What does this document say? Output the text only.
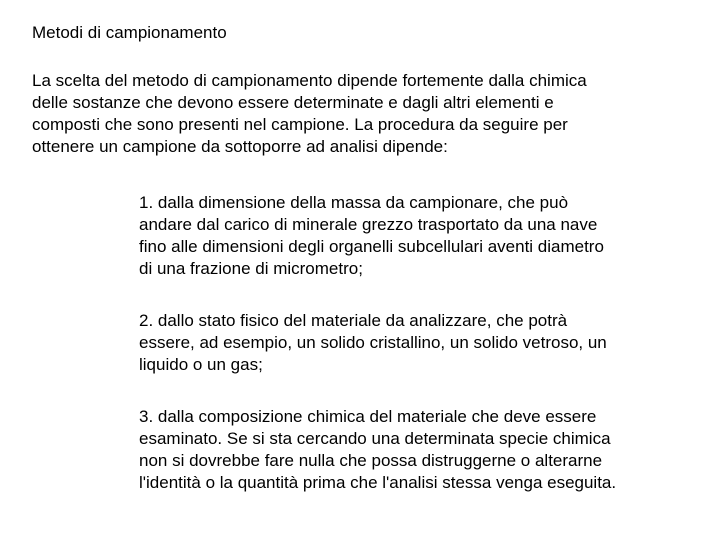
Metodi di campionamento

La scelta del metodo di campionamento dipende fortemente dalla chimica
delle sostanze che devono essere determinate e dagli altri elementi e
composti che sono presenti nel campione. La procedura da seguire per
ottenere un campione da sottoporre ad analisi dipende:

1. dalla dimensione della massa da campionare, che può
andare dal carico di minerale grezzo trasportato da una nave
fino alle dimensioni degli organelli subcellulari aventi diametro
di una frazione di micrometro;
2. dallo stato fisico del materiale da analizzare, che potrà
essere, ad esempio, un solido cristallino, un solido vetroso, un
liquido o un gas;
3. dalla composizione chimica del materiale che deve essere
esaminato. Se si sta cercando una determinata specie chimica
non si dovrebbe fare nulla che possa distruggerne o alterarne
l'identità o la quantità prima che l'analisi stessa venga eseguita.
